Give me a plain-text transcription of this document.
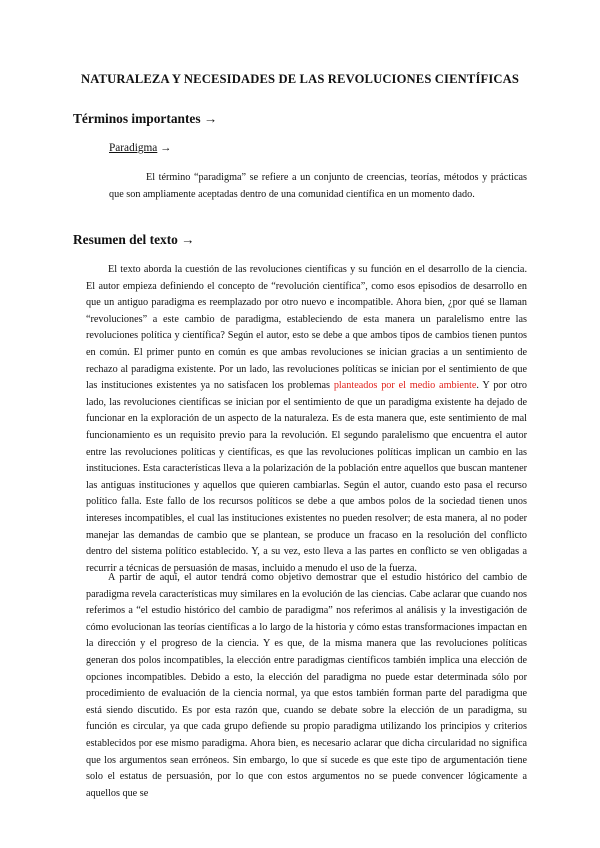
NATURALEZA Y NECESIDADES DE LAS REVOLUCIONES CIENTÍFICAS
Términos importantes →
Paradigma →

El término “paradigma” se refiere a un conjunto de creencias, teorías, métodos y prácticas que son ampliamente aceptadas dentro de una comunidad científica en un momento dado.

Resumen del texto →

El texto aborda la cuestión de las revoluciones científicas y su función en el desarrollo de la ciencia. El autor empieza definiendo el concepto de “revolución científica”, como esos episodios de desarrollo en que un antiguo paradigma es reemplazado por otro nuevo e incompatible. Ahora bien, ¿por qué se llaman “revoluciones” a este cambio de paradigma, estableciendo de esta manera un paralelismo entre las revoluciones política y científica? Según el autor, esto se debe a que ambos tipos de cambios tienen puntos en común. El primer punto en común es que ambas revoluciones se inician gracias a un sentimiento de rechazo al paradigma existente. Por un lado, las revoluciones políticas se inician por el sentimiento de que las instituciones existentes ya no satisfacen los problemas planteados por el medio ambiente. Y por otro lado, las revoluciones científicas se inician por el sentimiento de que un paradigma existente ha dejado de funcionar en la exploración de un aspecto de la naturaleza. Es de esta manera que, este sentimiento de mal funcionamiento es un requisito previo para la revolución. El segundo paralelismo que encuentra el autor entre las revoluciones políticas y científicas, es que las revoluciones políticas implican un cambio en las instituciones. Esta características lleva a la polarización de la población entre aquellos que buscan mantener las antiguas instituciones y aquellos que quieren cambiarlas. Según el autor, cuando esto pasa el recurso político falla. Este fallo de los recursos políticos se debe a que ambos polos de la sociedad tienen unos intereses incompatibles, el cual las instituciones existentes no pueden resolver; de esta manera, al no poder manejar las demandas de cambio que se plantean, se produce un fracaso en la resolución del conflicto dentro del sistema político establecido. Y, a su vez, esto lleva a las partes en conflicto se ven obligadas a recurrir a técnicas de persuasión de masas, incluido a menudo el uso de la fuerza.

A partir de aquí, el autor tendrá como objetivo demostrar que el estudio histórico del cambio de paradigma revela características muy similares en la evolución de las ciencias. Cabe aclarar que cuando nos referimos a “el estudio histórico del cambio de paradigma” nos referimos al análisis y la investigación de cómo evolucionan las teorías científicas a lo largo de la historia y cómo estas transformaciones impactan en la dirección y el progreso de la ciencia. Y es que, de la misma manera que las revoluciones políticas generan dos polos incompatibles, la elección entre paradigmas científicos también implica una elección de opciones incompatibles. Debido a esto, la elección del paradigma no puede estar determinada sólo por procedimiento de evaluación de la ciencia normal, ya que estos también forman parte del paradigma que está siendo discutido. Es por esta razón que, cuando se debate sobre la elección de un paradigma, su función es circular, ya que cada grupo defiende su propio paradigma utilizando los principios y criterios establecidos por ese mismo paradigma. Ahora bien, es necesario aclarar que dicha circularidad no significa que los argumentos sean erróneos. Sin embargo, lo que sí sucede es que este tipo de argumentación tiene solo el estatus de persuasión, por lo que con estos argumentos no se puede convencer lógicamente a aquellos que se
